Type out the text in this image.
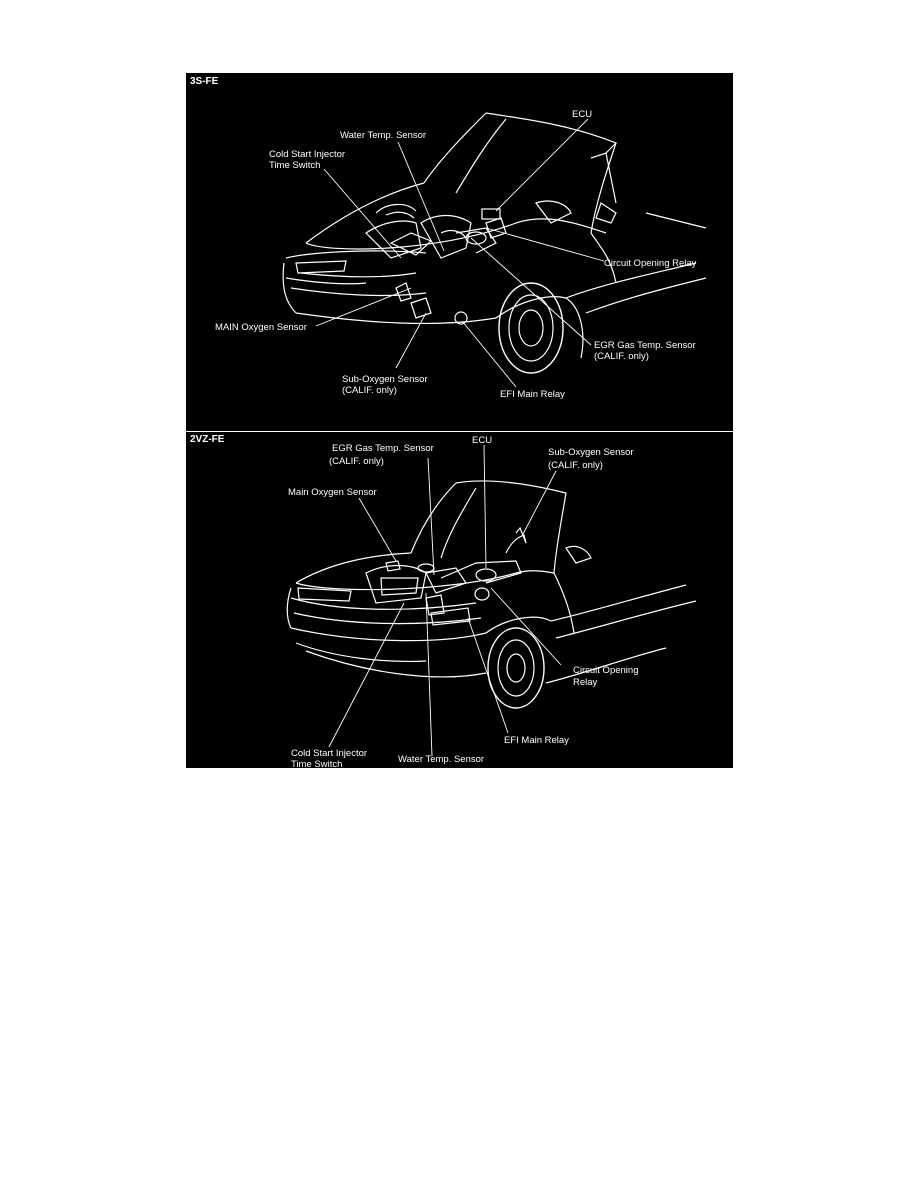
3S-FE
ECU
Water Temp. Sensor
Cold Start Injector
Time Switch
Circuit Opening Relay
MAIN Oxygen Sensor
EGR Gas Temp. Sensor
(CALIF. only)
Sub-Oxygen Sensor
(CALIF. only)	EFI Main Relay
2VZ-FE
EGR Gas Temp. Sensor
(CALIF. only)
ECU
Sub-Oxygen Sensor
(CALIF. only)
Main Oxygen Sensor
Circuit Opening
Relay
EFI Main Relay
Cold Start Injector
Time Switch	Water Temp. Sensor
